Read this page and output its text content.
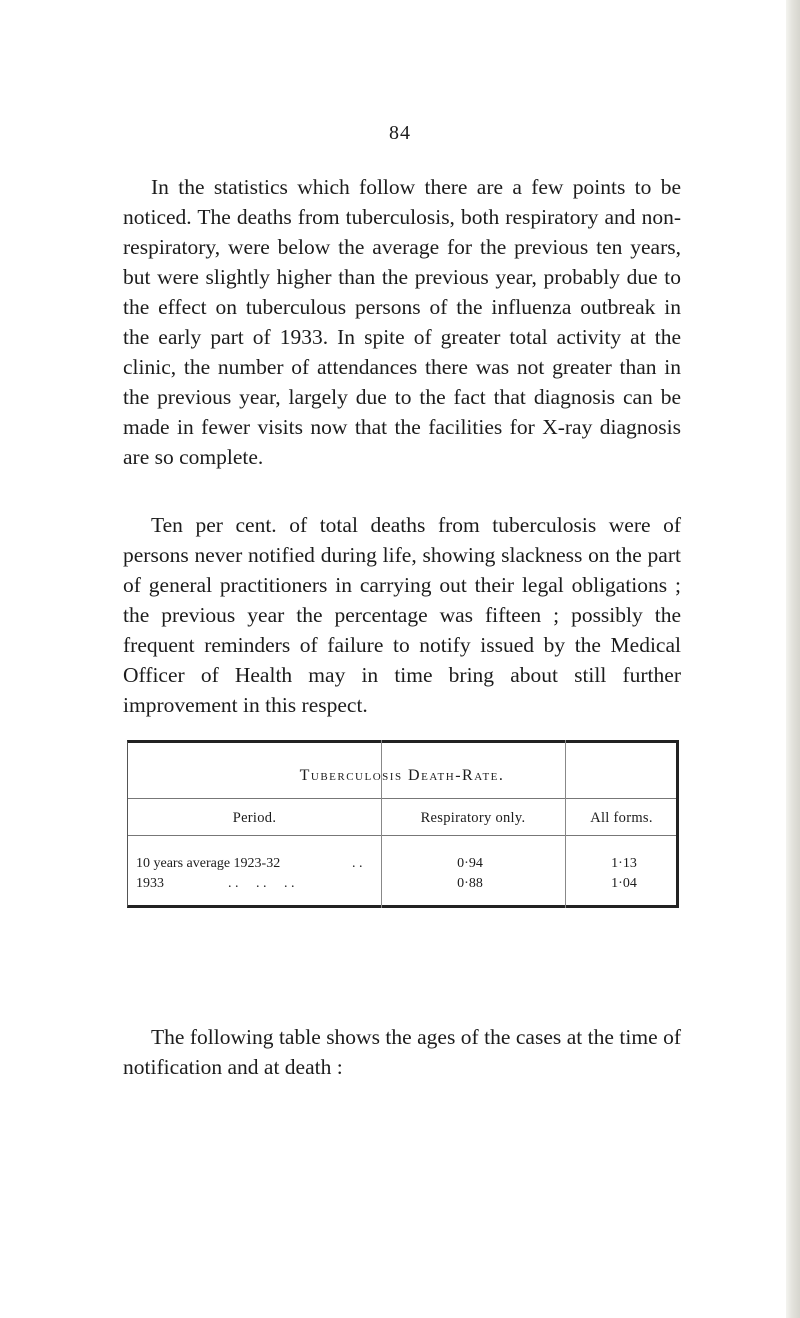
84

In the statistics which follow there are a few points to be noticed. The deaths from tuberculosis, both respiratory and non-respiratory, were below the average for the previous ten years, but were slightly higher than the previous year, probably due to the effect on tuberculous persons of the influenza outbreak in the early part of 1933. In spite of greater total activity at the clinic, the number of attendances there was not greater than in the previous year, largely due to the fact that diagnosis can be made in fewer visits now that the facilities for X-ray diagnosis are so complete.

Ten per cent. of total deaths from tuberculosis were of persons never notified during life, showing slackness on the part of general practitioners in carrying out their legal obligations ; the previous year the percentage was fifteen ; possibly the frequent reminders of failure to notify issued by the Medical Officer of Health may in time bring about still further improvement in this respect.

Tuberculosis Death-Rate.
Period.	Respiratory only.	All forms.
10 years average 1923-32	. .	0·94	1·13
1933	. .     . .     . .	0·88	1·04

The following table shows the ages of the cases at the time of notification and at death :
